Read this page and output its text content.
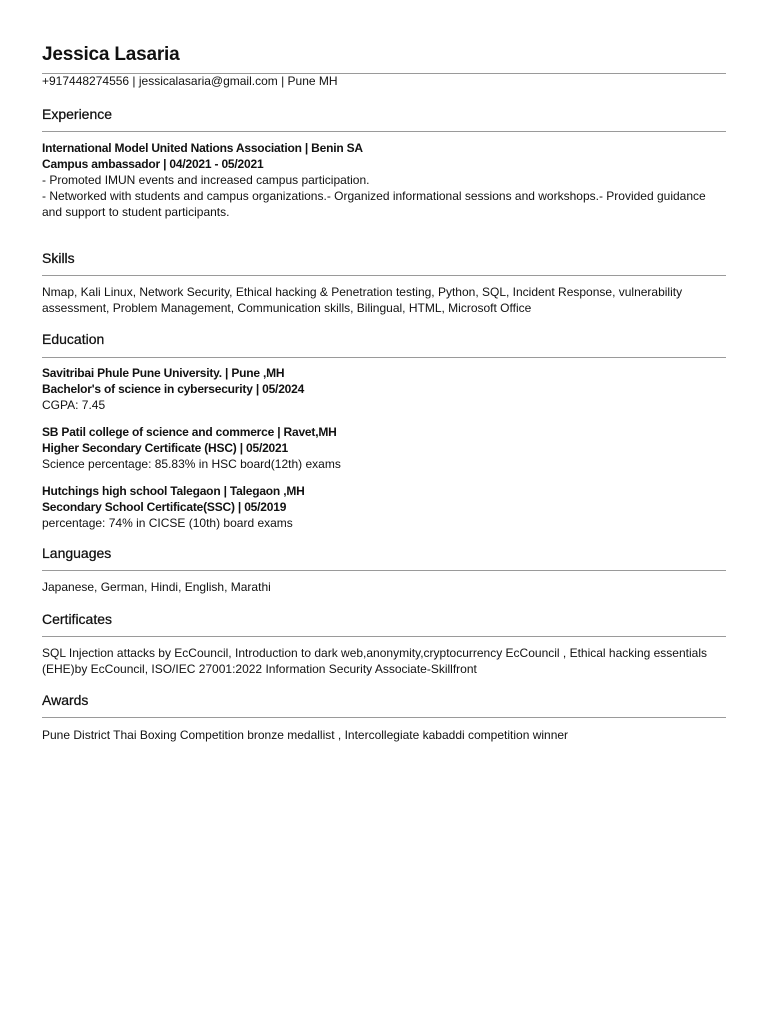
Jessica Lasaria
+917448274556 | jessicalasaria@gmail.com | Pune MH
Experience
International Model United Nations Association | Benin SA
Campus ambassador | 04/2021 - 05/2021
- Promoted IMUN events and increased campus participation.
- Networked with students and campus organizations.- Organized informational sessions and workshops.- Provided guidance and support to student participants.
Skills
Nmap, Kali Linux, Network Security, Ethical hacking & Penetration testing, Python, SQL, Incident Response, vulnerability assessment, Problem Management, Communication skills, Bilingual, HTML, Microsoft Office
Education
Savitribai Phule Pune University. | Pune ,MH
Bachelor's of science in cybersecurity | 05/2024
CGPA: 7.45
SB Patil college of science and commerce | Ravet,MH
Higher Secondary Certificate (HSC) | 05/2021
Science percentage: 85.83% in HSC board(12th) exams
Hutchings high school Talegaon | Talegaon ,MH
Secondary School Certificate(SSC) | 05/2019
percentage: 74% in CICSE (10th) board exams
Languages
Japanese, German, Hindi, English, Marathi
Certificates
SQL Injection attacks by EcCouncil, Introduction to dark web,anonymity,cryptocurrency EcCouncil , Ethical hacking essentials (EHE)by EcCouncil, ISO/IEC 27001:2022 Information Security Associate-Skillfront
Awards
Pune District Thai Boxing Competition bronze medallist , Intercollegiate kabaddi competition winner
